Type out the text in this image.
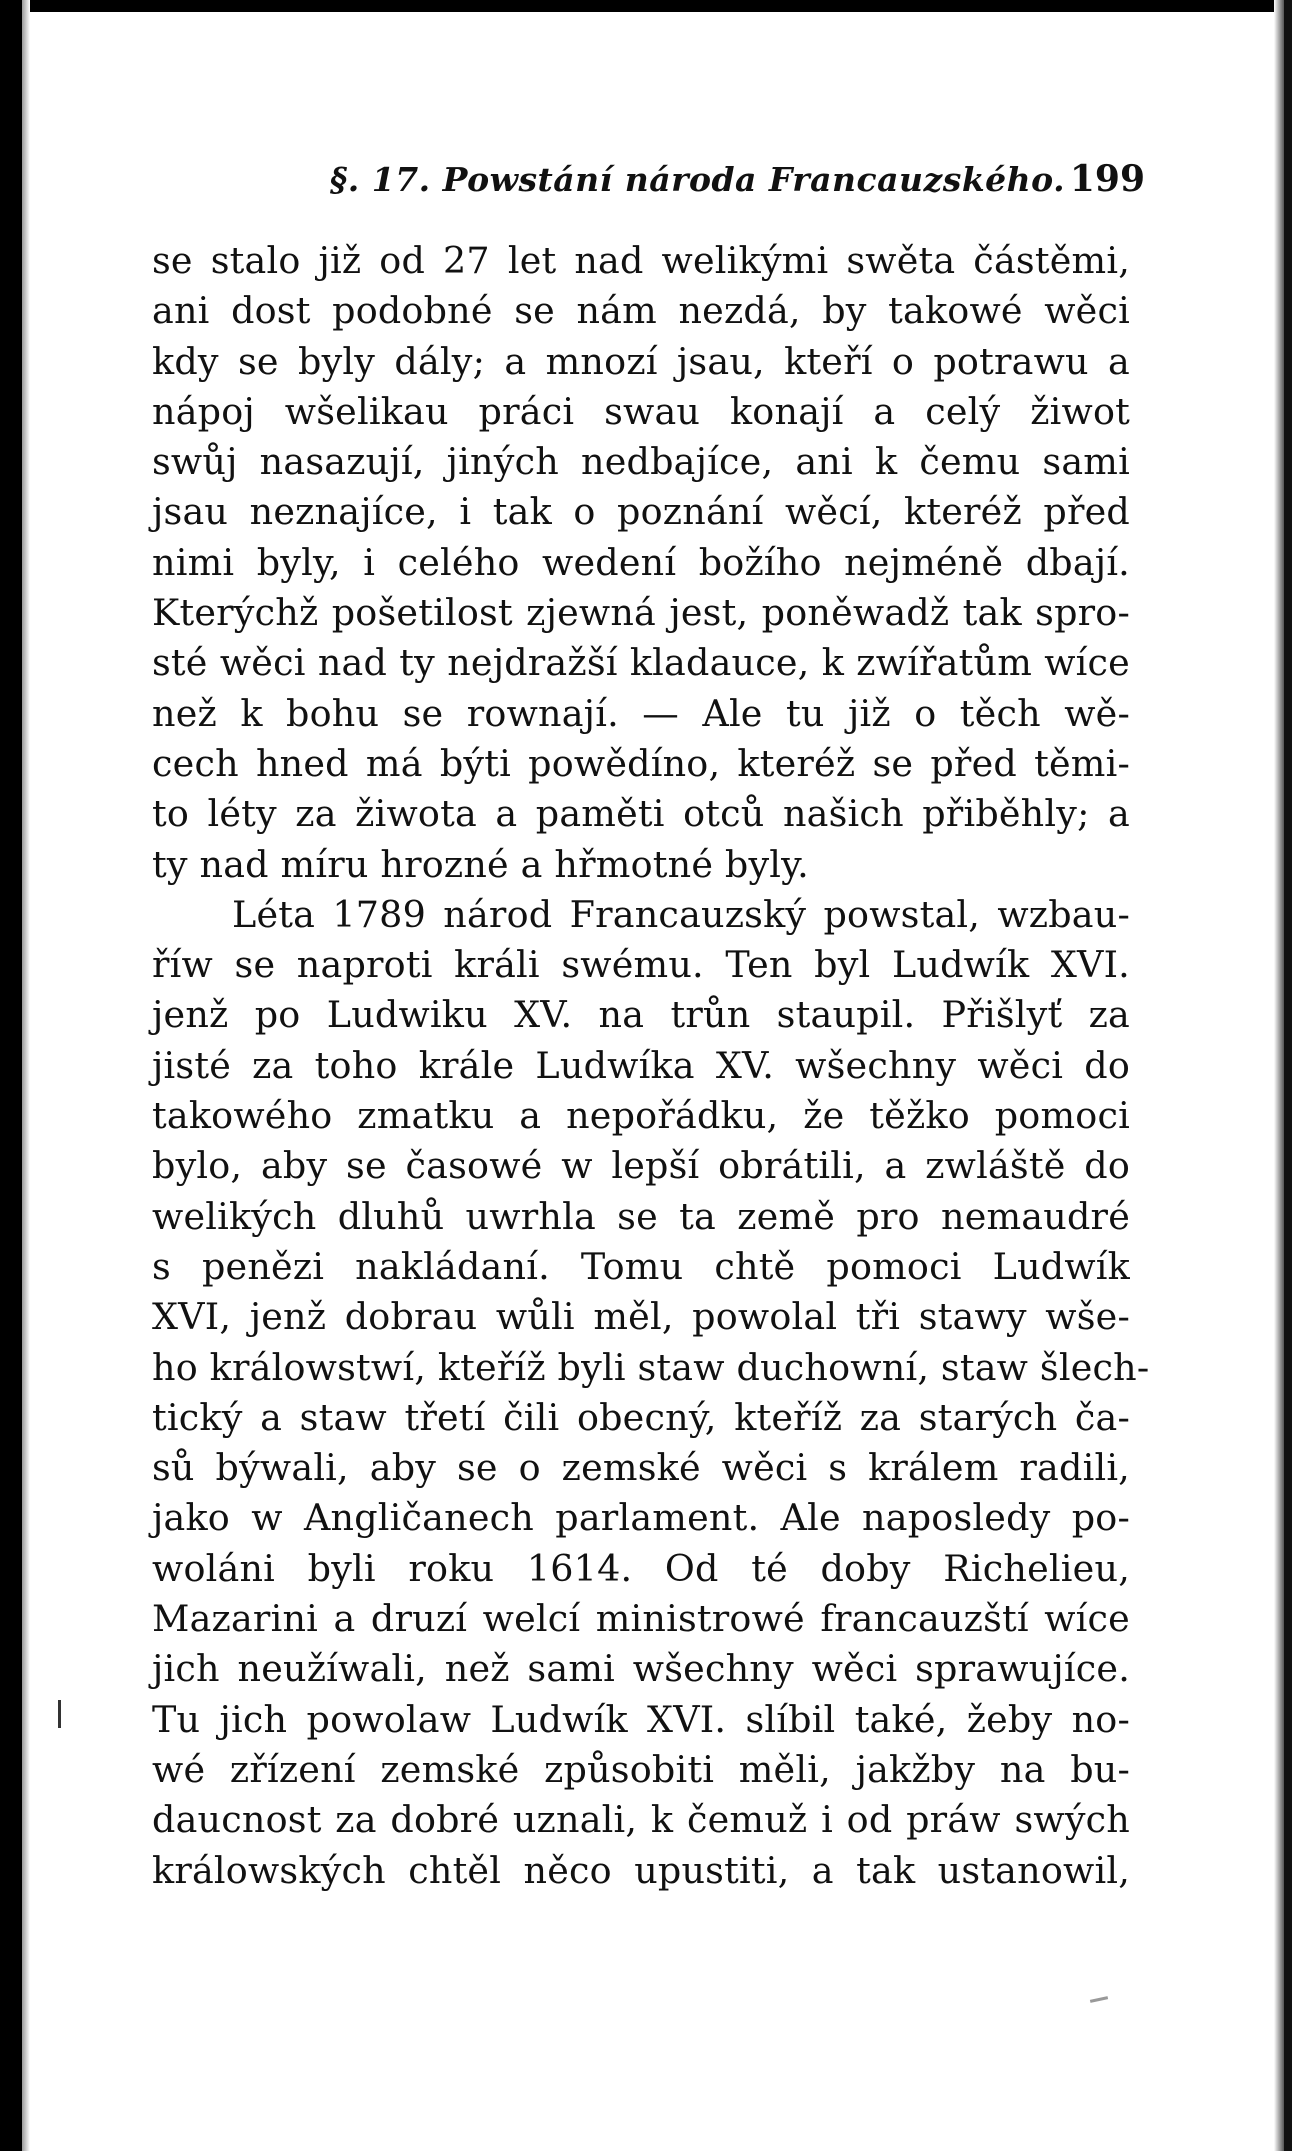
§. 17. Powstání národa Francauzského. 199
se stalo již od 27 let nad welikými swěta částěmi,
ani dost podobné se nám nezdá, by takowé wěci
kdy se byly dály; a mnozí jsau, kteří o potrawu a
nápoj wšelikau práci swau konají a celý žiwot
swůj nasazují, jiných nedbajíce, ani k čemu sami
jsau neznajíce, i tak o poznání wěcí, kteréž před
nimi byly, i celého wedení božího nejméně dbají.
Kterýchž pošetilost zjewná jest, poněwadž tak spro-
sté wěci nad ty nejdražší kladauce, k zwířatům wíce
než k bohu se rownají. — Ale tu již o těch wě-
cech hned má býti powědíno, kteréž se před těmi-
to léty za žiwota a paměti otců našich přiběhly; a
ty nad míru hrozné a hřmotné byly.
Léta 1789 národ Francauzský powstal, wzbau-
říw se naproti králi swému. Ten byl Ludwík XVI.
jenž po Ludwiku XV. na trůn staupil. Přišlyť za
jisté za toho krále Ludwíka XV. wšechny wěci do
takowého zmatku a nepořádku, že těžko pomoci
bylo, aby se časowé w lepší obrátili, a zwláště do
welikých dluhů uwrhla se ta země pro nemaudré
s penězi nakládaní. Tomu chtě pomoci Ludwík
XVI, jenž dobrau wůli měl, powolal tři stawy wše-
ho králowstwí, kteříž byli staw duchowní, staw šlech-
tický a staw třetí čili obecný, kteříž za starých ča-
sů býwali, aby se o zemské wěci s králem radili,
jako w Angličanech parlament. Ale naposledy po-
woláni byli roku 1614. Od té doby Richelieu,
Mazarini a druzí welcí ministrowé francauzští wíce
jich neužíwali, než sami wšechny wěci sprawujíce.
Tu jich powolaw Ludwík XVI. slíbil také, žeby no-
wé zřízení zemské způsobiti měli, jakžby na bu-
daucnost za dobré uznali, k čemuž i od práw swých
králowských chtěl něco upustiti, a tak ustanowil,
